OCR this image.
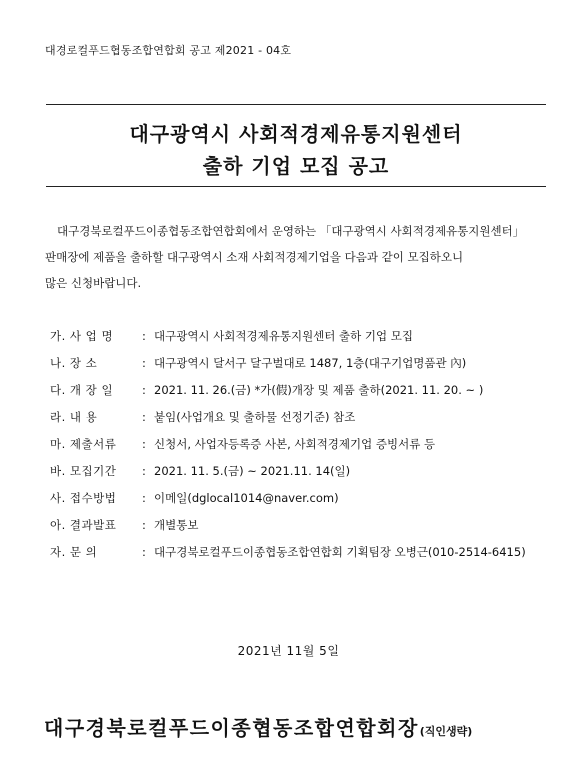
대경로컬푸드협동조합연합회 공고 제2021 - 04호
대구광역시 사회적경제유통지원센터
출하 기업 모집 공고
대구경북로컬푸드이종협동조합연합회에서 운영하는 「대구광역시 사회적경제유통지원센터」
판매장에 제품을 출하할 대구광역시 소재 사회적경제기업을 다음과 같이 모집하오니
많은 신청바랍니다.
가. 사 업 명	: 대구광역시 사회적경제유통지원센터 출하 기업 모집
나. 장 소	: 대구광역시 달서구 달구벌대로 1487, 1층(대구기업명품관 內)
다. 개 장 일	: 2021. 11. 26.(금) *가(假)개장 및 제품 출하(2021. 11. 20. ~ )
라. 내 용	: 붙임(사업개요 및 출하물 선정기준) 참조
마. 제출서류	: 신청서, 사업자등록증 사본, 사회적경제기업 증빙서류 등
바. 모집기간	: 2021. 11. 5.(금) ~ 2021.11. 14(일)
사. 접수방법	: 이메일(dglocal1014@naver.com)
아. 결과발표	: 개별통보
자. 문 의	: 대구경북로컬푸드이종협동조합연합회 기획팀장 오병근(010-2514-6415)
2021년 11월 5일
대구경북로컬푸드이종협동조합연합회장(직인생략)
